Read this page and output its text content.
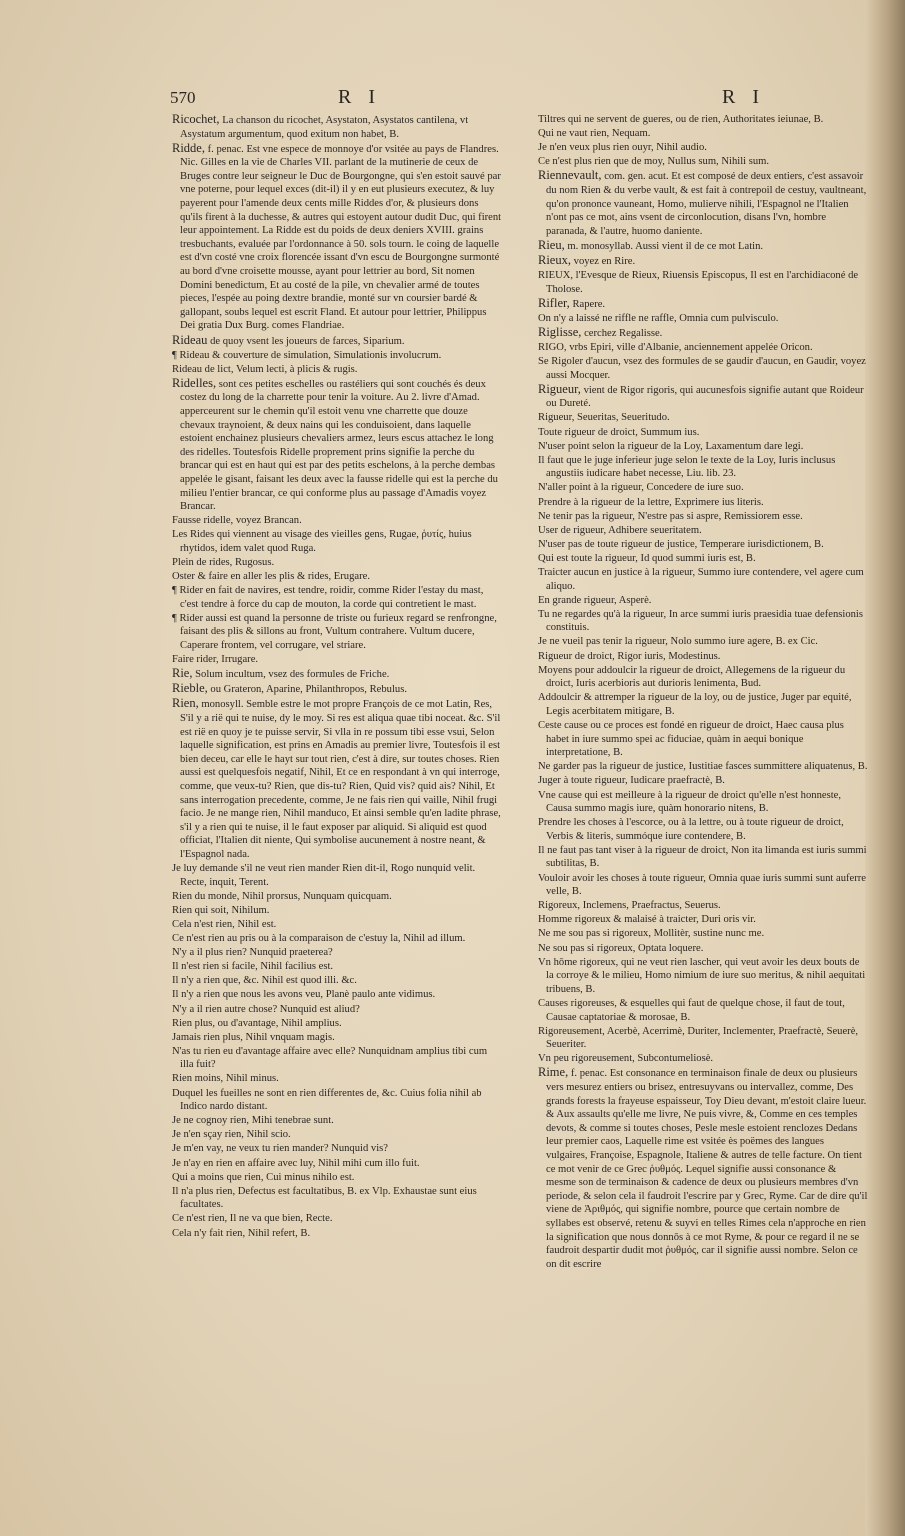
570	R I	R I
Ricochet, La chanson du ricochet, Asystaton, Asystatos cantilena, vt Asystatum argumentum, quod exitum non habet, B.
Ridde, f. penac. Est vne espece de monnoye d'or vsitée au pays de Flandres. Nic. Gilles en la vie de Charles VII. parlant de la mutinerie de ceux de Bruges contre leur seigneur le Duc de Bourgongne, qui s'en estoit sauvé par vne poterne, pour lequel exces (dit-il) il y en eut plusieurs executez, & luy payerent pour l'amende deux cents mille Riddes d'or, & plusieurs dons qu'ils firent à la duchesse, & autres qui estoyent autour dudit Duc, qui firent leur appointement. La Ridde est du poids de deux deniers XVIII. grains tresbuchants, evaluée par l'ordonnance à 50. sols tourn. le coing de laquelle est d'vn costé vne croix florencée issant d'vn escu de Bourgongne surmonté au bord d'vne croisette mousse, ayant pour lettrier au bord, Sit nomen Domini benedictum, Et au costé de la pile, vn chevalier armé de toutes pieces, l'espée au poing dextre brandie, monté sur vn coursier bardé & gallopant, soubs lequel est escrit Fland. Et autour pour lettrier, Philippus Dei gratia Dux Burg. comes Flandriae.
Rideau de quoy vsent les joueurs de farces, Siparium.
¶ Rideau & couverture de simulation, Simulationis involucrum.
Rideau de lict, Velum lecti, à plicis & rugis.
Ridelles, sont ces petites eschelles ou rastéliers qui sont couchés és deux costez du long de la charrette pour tenir la voiture. Au 2. livre d'Amad. apperceurent sur le chemin qu'il estoit venu vne charrette que douze chevaux traynoient, & deux nains qui les conduisoient, dans laquelle estoient enchainez plusieurs chevaliers armez, leurs escus attachez le long des ridelles. Toutesfois Ridelle proprement prins signifie la perche du brancar qui est en haut qui est par des petits eschelons, à la perche dembas appelée le gisant, faisant les deux avec la fausse ridelle qui est la perche du milieu l'entier brancar, ce qui conforme plus au passage d'Amadis voyez Brancar.
Fausse ridelle, voyez Brancan.
Les Rides qui viennent au visage des vieilles gens, Rugae, ῥυτίς, huius rhytidos, idem valet quod Ruga.
Plein de rides, Rugosus.
Oster & faire en aller les plis & rides, Erugare.
¶ Rider en fait de navires, est tendre, roidir, comme Rider l'estay du mast, c'est tendre à force du cap de mouton, la corde qui contretient le mast.
¶ Rider aussi est quand la personne de triste ou furieux regard se renfrongne, faisant des plis & sillons au front, Vultum contrahere. Vultum ducere, Caperare frontem, vel corrugare, vel striare.
Faire rider, Irrugare.
Rie, Solum incultum, vsez des formules de Friche.
Rieble, ou Grateron, Aparine, Philanthropos, Rebulus.
Rien, monosyll. Semble estre le mot propre François de ce mot Latin, Res, S'il y a rië qui te nuise, dy le moy. Si res est aliqua quae tibi noceat. &c. S'il est rië en quoy je te puisse servir, Si vlla in re possum tibi esse vsui, Selon laquelle signification, est prins en Amadis au premier livre, Toutesfois il est bien deceu, car elle le hayt sur tout rien, c'est à dire, sur toutes choses. Rien aussi est quelquesfois negatif, Nihil, Et ce en respondant à vn qui interroge, comme, que veux-tu? Rien, que dis-tu? Rien, Quid vis? quid ais? Nihil, Et sans interrogation precedente, comme, Je ne fais rien qui vaille, Nihil frugi facio. Je ne mange rien, Nihil manduco, Et ainsi semble qu'en ladite phrase, s'il y a rien qui te nuise, il le faut exposer par aliquid. Si aliquid est quod officiat, l'Italien dit niente, Qui symbolise aucunement à nostre neant, & l'Espagnol nada.
Je luy demande s'il ne veut rien mander Rien dit-il, Rogo nunquid velit. Recte, inquit, Terent.
Rien du monde, Nihil prorsus, Nunquam quicquam.
Rien qui soit, Nihilum.
Cela n'est rien, Nihil est.
Ce n'est rien au pris ou à la comparaison de c'estuy la, Nihil ad illum.
N'y a il plus rien? Nunquid praeterea?
Il n'est rien si facile, Nihil facilius est.
Il n'y a rien que, &c. Nihil est quod illi. &c.
Il n'y a rien que nous les avons veu, Planè paulo ante vidimus.
N'y a il rien autre chose? Nunquid est aliud?
Rien plus, ou d'avantage, Nihil amplius.
Jamais rien plus, Nihil vnquam magis.
N'as tu rien eu d'avantage affaire avec elle? Nunquidnam amplius tibi cum illa fuit?
Rien moins, Nihil minus.
Duquel les fueilles ne sont en rien differentes de, &c. Cuius folia nihil ab Indico nardo distant.
Je ne cognoy rien, Mihi tenebrae sunt.
Je n'en sçay rien, Nihil scio.
Je m'en vay, ne veux tu rien mander? Nunquid vis?
Je n'ay en rien en affaire avec luy, Nihil mihi cum illo fuit.
Qui a moins que rien, Cui minus nihilo est.
Il n'a plus rien, Defectus est facultatibus, B. ex Vlp. Exhaustae sunt eius facultates.
Ce n'est rien, Il ne va que bien, Recte.
Cela n'y fait rien, Nihil refert, B.
Tiltres qui ne servent de gueres, ou de rien, Authoritates ieiunae, B.
Qui ne vaut rien, Nequam.
Je n'en veux plus rien ouyr, Nihil audio.
Ce n'est plus rien que de moy, Nullus sum, Nihili sum.
Riennevault, com. gen. acut. Et est composé de deux entiers, c'est assavoir du nom Rien & du verbe vault, & est fait à contrepoil de cestuy, vaultneant, qu'on prononce vauneant, Homo, mulierve nihili, l'Espagnol ne l'Italien n'ont pas ce mot, ains vsent de circonlocution, disans l'vn, hombre paranada, & l'autre, huomo daniente.
Rieu, m. monosyllab. Aussi vient il de ce mot Latin.
Rieux, voyez en Rire.
RIEUX, l'Evesque de Rieux, Riuensis Episcopus, Il est en l'archidiaconé de Tholose.
Rifler, Rapere.
On n'y a laissé ne riffle ne raffle, Omnia cum pulvisculo.
Riglisse, cerchez Regalisse.
RIGO, vrbs Epiri, ville d'Albanie, anciennement appelée Oricon.
Se Rigoler d'aucun, vsez des formules de se gaudir d'aucun, en Gaudir, voyez aussi Mocquer.
Rigueur, vient de Rigor rigoris, qui aucunesfois signifie autant que Roideur ou Dureté.
Rigueur, Seueritas, Seueritudo.
Toute rigueur de droict, Summum ius.
N'user point selon la rigueur de la Loy, Laxamentum dare legi.
Il faut que le juge inferieur juge selon le texte de la Loy, Iuris inclusus angustiis iudicare habet necesse, Liu. lib. 23.
N'aller point à la rigueur, Concedere de iure suo.
Prendre à la rigueur de la lettre, Exprimere ius literis.
Ne tenir pas la rigueur, N'estre pas si aspre, Remissiorem esse.
User de rigueur, Adhibere seueritatem.
N'user pas de toute rigueur de justice, Temperare iurisdictionem, B.
Qui est toute la rigueur, Id quod summi iuris est, B.
Traicter aucun en justice à la rigueur, Summo iure contendere, vel agere cum aliquo.
En grande rigueur, Asperè.
Tu ne regardes qu'à la rigueur, In arce summi iuris praesidia tuae defensionis constituis.
Je ne vueil pas tenir la rigueur, Nolo summo iure agere, B. ex Cic.
Rigueur de droict, Rigor iuris, Modestinus.
Moyens pour addoulcir la rigueur de droict, Allegemens de la rigueur du droict, Iuris acerbioris aut durioris lenimenta, Bud.
Addoulcir & attremper la rigueur de la loy, ou de justice, Juger par equité, Legis acerbitatem mitigare, B.
Ceste cause ou ce proces est fondé en rigueur de droict, Haec causa plus habet in iure summo spei ac fiduciae, quàm in aequi bonique interpretatione, B.
Ne garder pas la rigueur de justice, Iustitiae fasces summittere aliquatenus, B.
Juger à toute rigueur, Iudicare praefractè, B.
Vne cause qui est meilleure à la rigueur de droict qu'elle n'est honneste, Causa summo magis iure, quàm honorario nitens, B.
Prendre les choses à l'escorce, ou à la lettre, ou à toute rigueur de droict, Verbis & literis, summóque iure contendere, B.
Il ne faut pas tant viser à la rigueur de droict, Non ita limanda est iuris summi subtilitas, B.
Vouloir avoir les choses à toute rigueur, Omnia quae iuris summi sunt auferre velle, B.
Rigoreux, Inclemens, Praefractus, Seuerus.
Homme rigoreux & malaisé à traicter, Duri oris vir.
Ne me sou pas si rigoreux, Mollitèr, sustine nunc me.
Ne sou pas si rigoreux, Optata loquere.
Vn hōme rigoreux, qui ne veut rien lascher, qui veut avoir les deux bouts de la corroye & le milieu, Homo nimium de iure suo meritus, & nihil aequitati tribuens, B.
Causes rigoreuses, & esquelles qui faut de quelque chose, il faut de tout, Causae captatoriae & morosae, B.
Rigoreusement, Acerbè, Acerrimè, Duriter, Inclementer, Praefractè, Seuerè, Seueriter.
Vn peu rigoreusement, Subcontumeliosè.
Rime, f. penac. Est consonance en terminaison finale de deux ou plusieurs vers mesurez entiers ou brisez, entresuyvans ou intervallez, comme, Des grands forests la frayeuse espaisseur, Toy Dieu devant, m'estoit claire lueur. & Aux assaults qu'elle me livre, Ne puis vivre, &, Comme en ces temples devots, & comme si toutes choses, Pesle mesle estoient renclozes Dedans leur premier caos, Laquelle rime est vsitée ès poëmes des langues vulgaires, Françoise, Espagnole, Italiene & autres de telle facture. On tient ce mot venir de ce Grec ῥυθμός. Lequel signifie aussi consonance & mesme son de terminaison & cadence de deux ou plusieurs membres d'vn periode, & selon cela il faudroit l'escrire par y Grec, Ryme. Car de dire qu'il viene de Ἀριθμός, qui signifie nombre, pource que certain nombre de syllabes est observé, retenu & suyvi en telles Rimes cela n'approche en rien la signification que nous donnōs à ce mot Ryme, & pour ce regard il ne se faudroit despartir dudit mot ῥυθμός, car il signifie aussi nombre. Selon ce on dit escrire
